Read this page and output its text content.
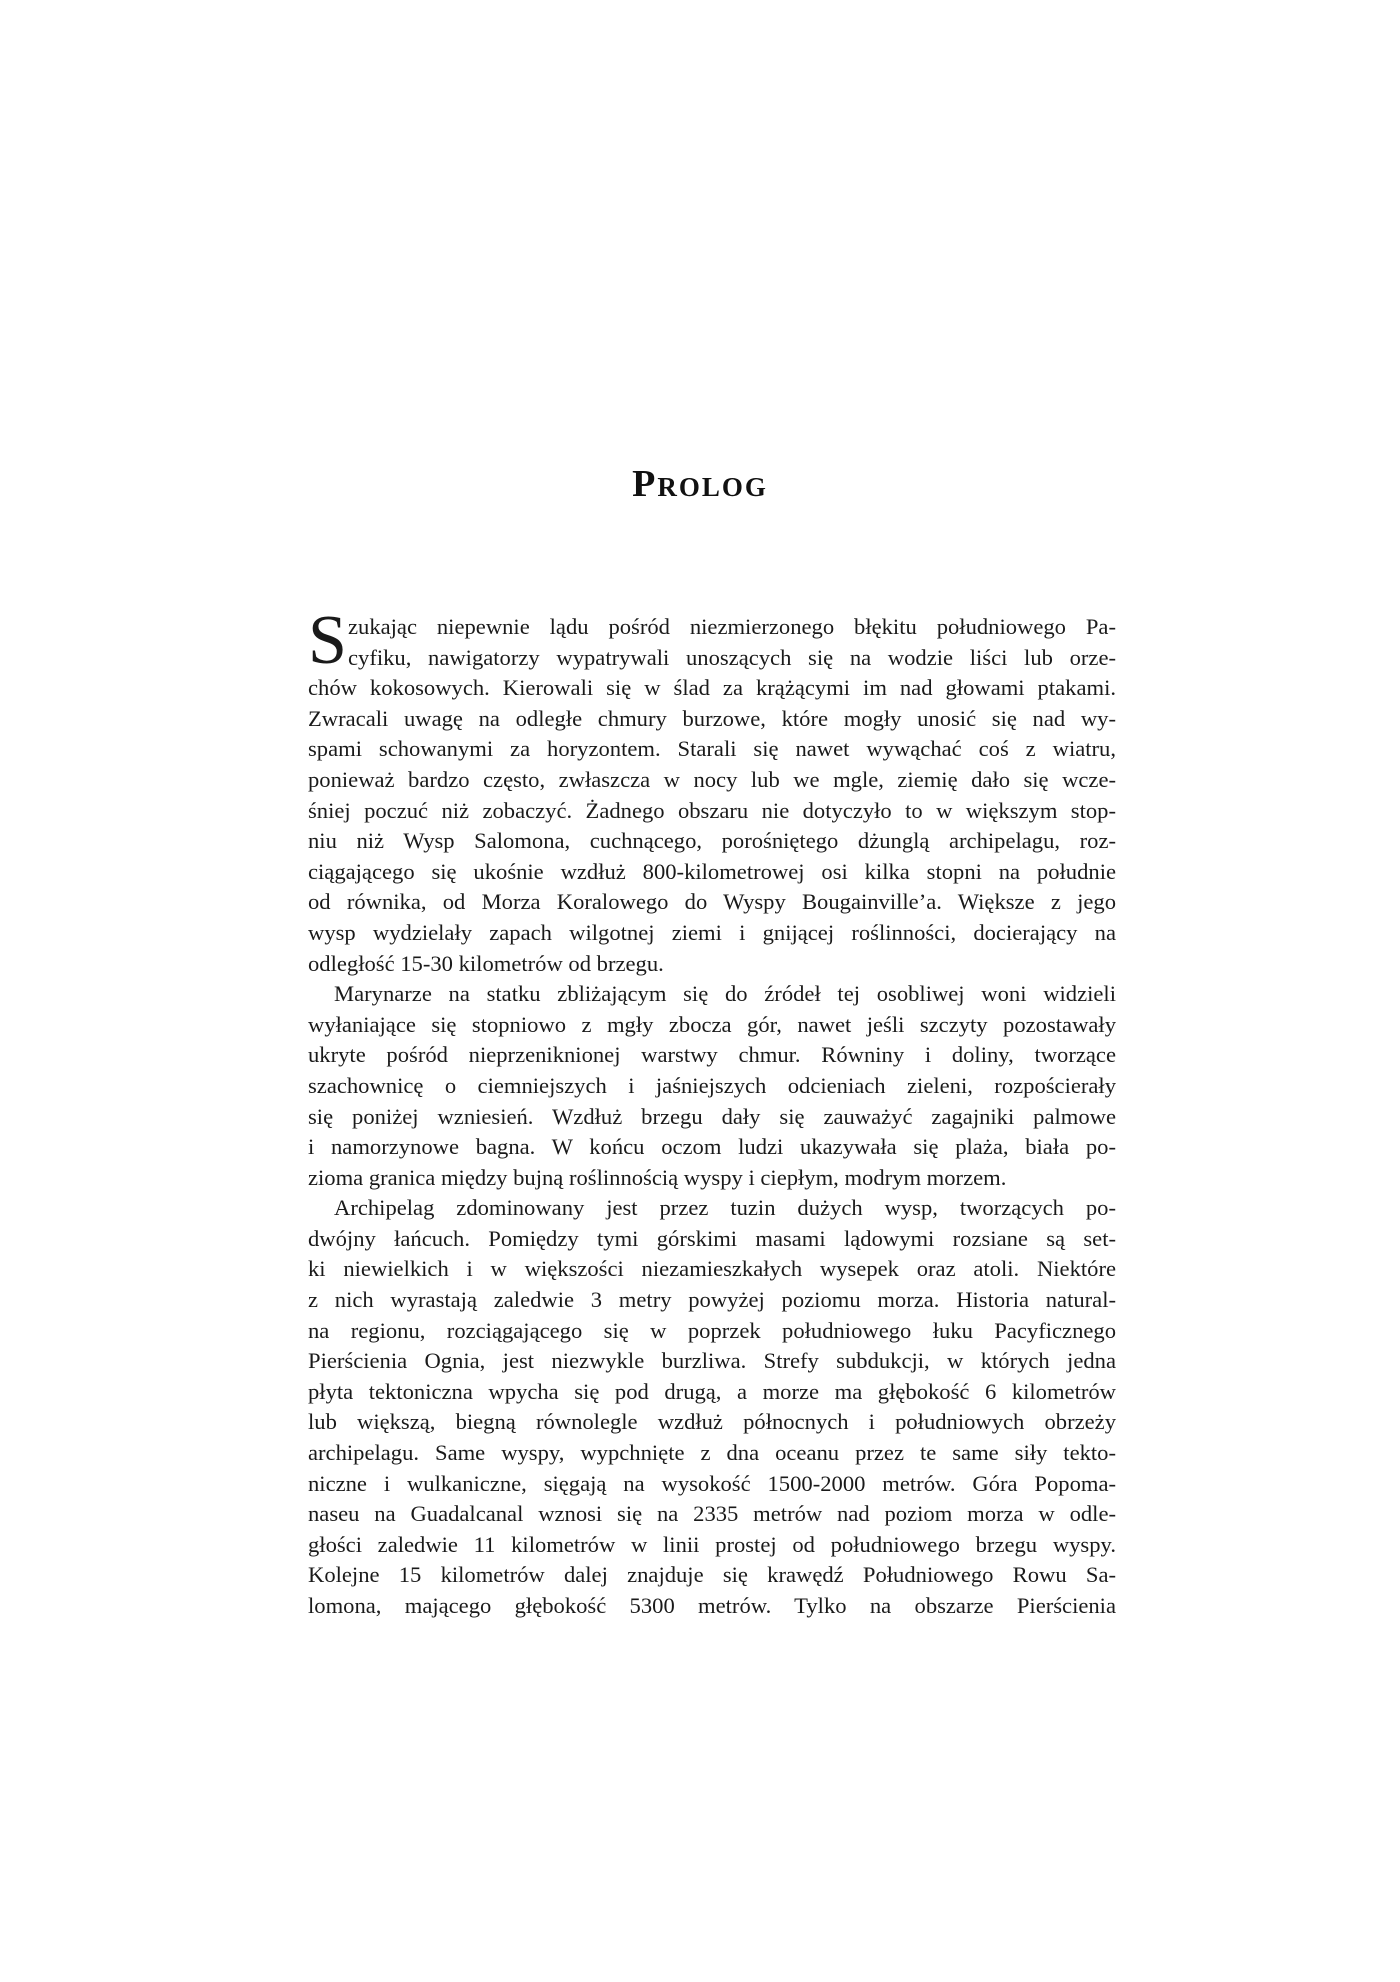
Prolog
S zukając niepewnie lądu pośród niezmierzonego błękitu południowego Pa-
cyfiku, nawigatorzy wypatrywali unoszących się na wodzie liści lub orze-
chów kokosowych. Kierowali się w ślad za krążącymi im nad głowami ptakami.
Zwracali uwagę na odległe chmury burzowe, które mogły unosić się nad wy-
spami schowanymi za horyzontem. Starali się nawet wywąchać coś z wiatru,
ponieważ bardzo często, zwłaszcza w nocy lub we mgle, ziemię dało się wcze-
śniej poczuć niż zobaczyć. Żadnego obszaru nie dotyczyło to w większym stop-
niu niż Wysp Salomona, cuchnącego, porośniętego dżunglą archipelagu, roz-
ciągającego się ukośnie wzdłuż 800-kilometrowej osi kilka stopni na południe
od równika, od Morza Koralowego do Wyspy Bougainville’a. Większe z jego
wysp wydzielały zapach wilgotnej ziemi i gnijącej roślinności, docierający na
odległość 15-30 kilometrów od brzegu.
Marynarze na statku zbliżającym się do źródeł tej osobliwej woni widzieli
wyłaniające się stopniowo z mgły zbocza gór, nawet jeśli szczyty pozostawały
ukryte pośród nieprzeniknionej warstwy chmur. Równiny i doliny, tworzące
szachownicę o ciemniejszych i jaśniejszych odcieniach zieleni, rozpościerały
się poniżej wzniesień. Wzdłuż brzegu dały się zauważyć zagajniki palmowe
i namorzynowe bagna. W końcu oczom ludzi ukazywała się plaża, biała po-
zioma granica między bujną roślinnością wyspy i ciepłym, modrym morzem.
Archipelag zdominowany jest przez tuzin dużych wysp, tworzących po-
dwójny łańcuch. Pomiędzy tymi górskimi masami lądowymi rozsiane są set-
ki niewielkich i w większości niezamieszkałych wysepek oraz atoli. Niektóre
z nich wyrastają zaledwie 3 metry powyżej poziomu morza. Historia natural-
na regionu, rozciągającego się w poprzek południowego łuku Pacyficznego
Pierścienia Ognia, jest niezwykle burzliwa. Strefy subdukcji, w których jedna
płyta tektoniczna wpycha się pod drugą, a morze ma głębokość 6 kilometrów
lub większą, biegną równolegle wzdłuż północnych i południowych obrzeży
archipelagu. Same wyspy, wypchnięte z dna oceanu przez te same siły tekto-
niczne i wulkaniczne, sięgają na wysokość 1500-2000 metrów. Góra Popoma-
naseu na Guadalcanal wznosi się na 2335 metrów nad poziom morza w odle-
głości zaledwie 11 kilometrów w linii prostej od południowego brzegu wyspy.
Kolejne 15 kilometrów dalej znajduje się krawędź Południowego Rowu Sa-
lomona, mającego głębokość 5300 metrów. Tylko na obszarze Pierścienia
